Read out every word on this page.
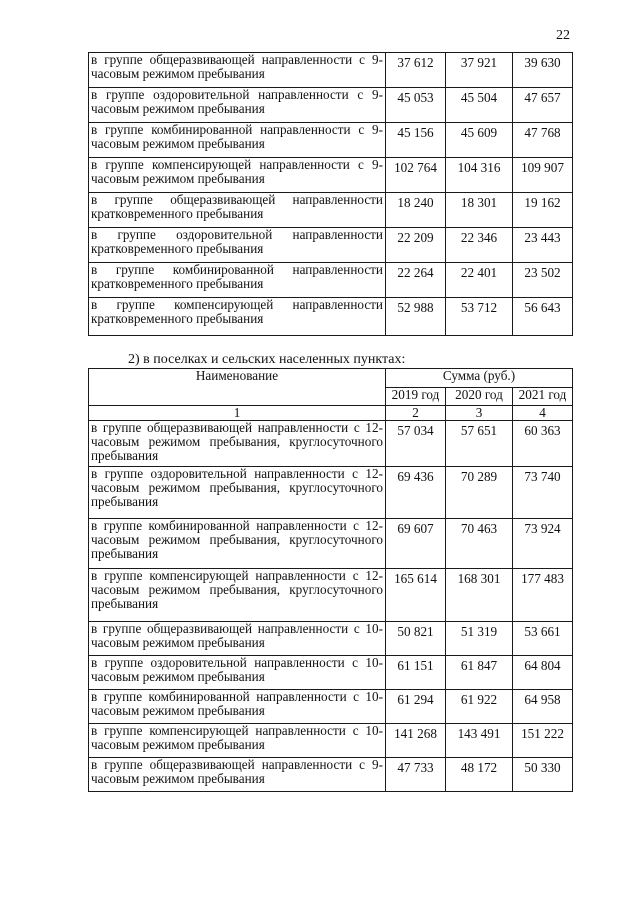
22
в группе общеразвивающей направленности с 9-часовым режимом пребывания	37 612	37 921	39 630
в группе оздоровительной направленности с 9-часовым режимом пребывания	45 053	45 504	47 657
в группе комбинированной направленности с 9-часовым режимом пребывания	45 156	45 609	47 768
в группе компенсирующей направленности с 9-часовым режимом пребывания	102 764	104 316	109 907
в группе общеразвивающей направленности кратковременного пребывания	18 240	18 301	19 162
в группе оздоровительной направленности кратковременного пребывания	22 209	22 346	23 443
в группе комбинированной направленности кратковременного пребывания	22 264	22 401	23 502
в группе компенсирующей направленности кратковременного пребывания	52 988	53 712	56 643
2) в поселках и сельских населенных пунктах:
Наименование	Сумма (руб.)		
	2019 год	2020 год	2021 год
1	2	3	4
в группе общеразвивающей направленности с 12-часовым режимом пребывания, круглосуточного пребывания	57 034	57 651	60 363
в группе оздоровительной направленности с 12-часовым режимом пребывания, круглосуточного пребывания	69 436	70 289	73 740
в группе комбинированной направленности с 12-часовым режимом пребывания, круглосуточного пребывания	69 607	70 463	73 924
в группе компенсирующей направленности с 12-часовым режимом пребывания, круглосуточного пребывания	165 614	168 301	177 483
в группе общеразвивающей направленности с 10-часовым режимом пребывания	50 821	51 319	53 661
в группе оздоровительной направленности с 10-часовым режимом пребывания	61 151	61 847	64 804
в группе комбинированной направленности с 10-часовым режимом пребывания	61 294	61 922	64 958
в группе компенсирующей направленности с 10-часовым режимом пребывания	141 268	143 491	151 222
в группе общеразвивающей направленности с 9-часовым режимом пребывания	47 733	48 172	50 330
